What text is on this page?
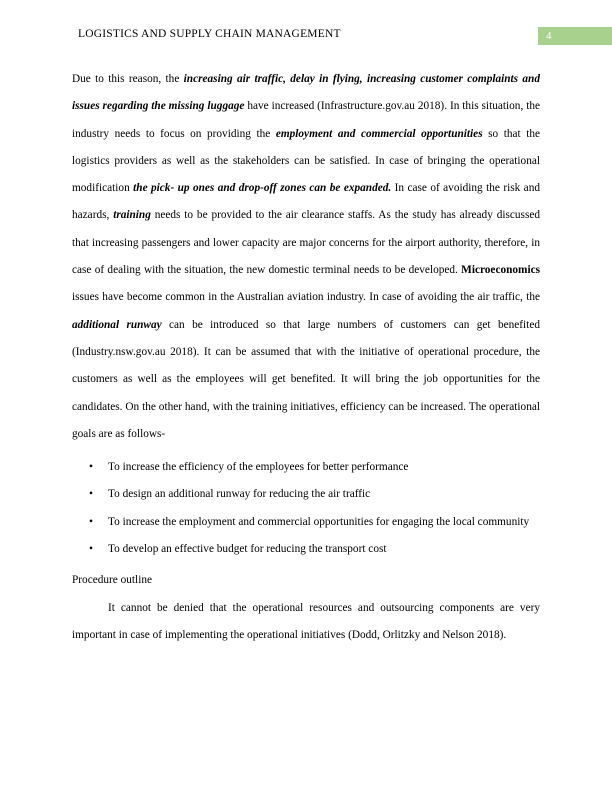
LOGISTICS AND SUPPLY CHAIN MANAGEMENT	4

Due to this reason, the increasing air traffic, delay in flying, increasing customer complaints and issues regarding the missing luggage have increased (Infrastructure.gov.au 2018). In this situation, the industry needs to focus on providing the employment and commercial opportunities so that the logistics providers as well as the stakeholders can be satisfied. In case of bringing the operational modification the pick- up ones and drop-off zones can be expanded. In case of avoiding the risk and hazards, training needs to be provided to the air clearance staffs. As the study has already discussed that increasing passengers and lower capacity are major concerns for the airport authority, therefore, in case of dealing with the situation, the new domestic terminal needs to be developed. Microeconomics issues have become common in the Australian aviation industry. In case of avoiding the air traffic, the additional runway can be introduced so that large numbers of customers can get benefited (Industry.nsw.gov.au 2018). It can be assumed that with the initiative of operational procedure, the customers as well as the employees will get benefited. It will bring the job opportunities for the candidates. On the other hand, with the training initiatives, efficiency can be increased. The operational goals are as follows-

• To increase the efficiency of the employees for better performance
• To design an additional runway for reducing the air traffic
• To increase the employment and commercial opportunities for engaging the local community
• To develop an effective budget for reducing the transport cost

Procedure outline

It cannot be denied that the operational resources and outsourcing components are very important in case of implementing the operational initiatives (Dodd, Orlitzky and Nelson 2018).
